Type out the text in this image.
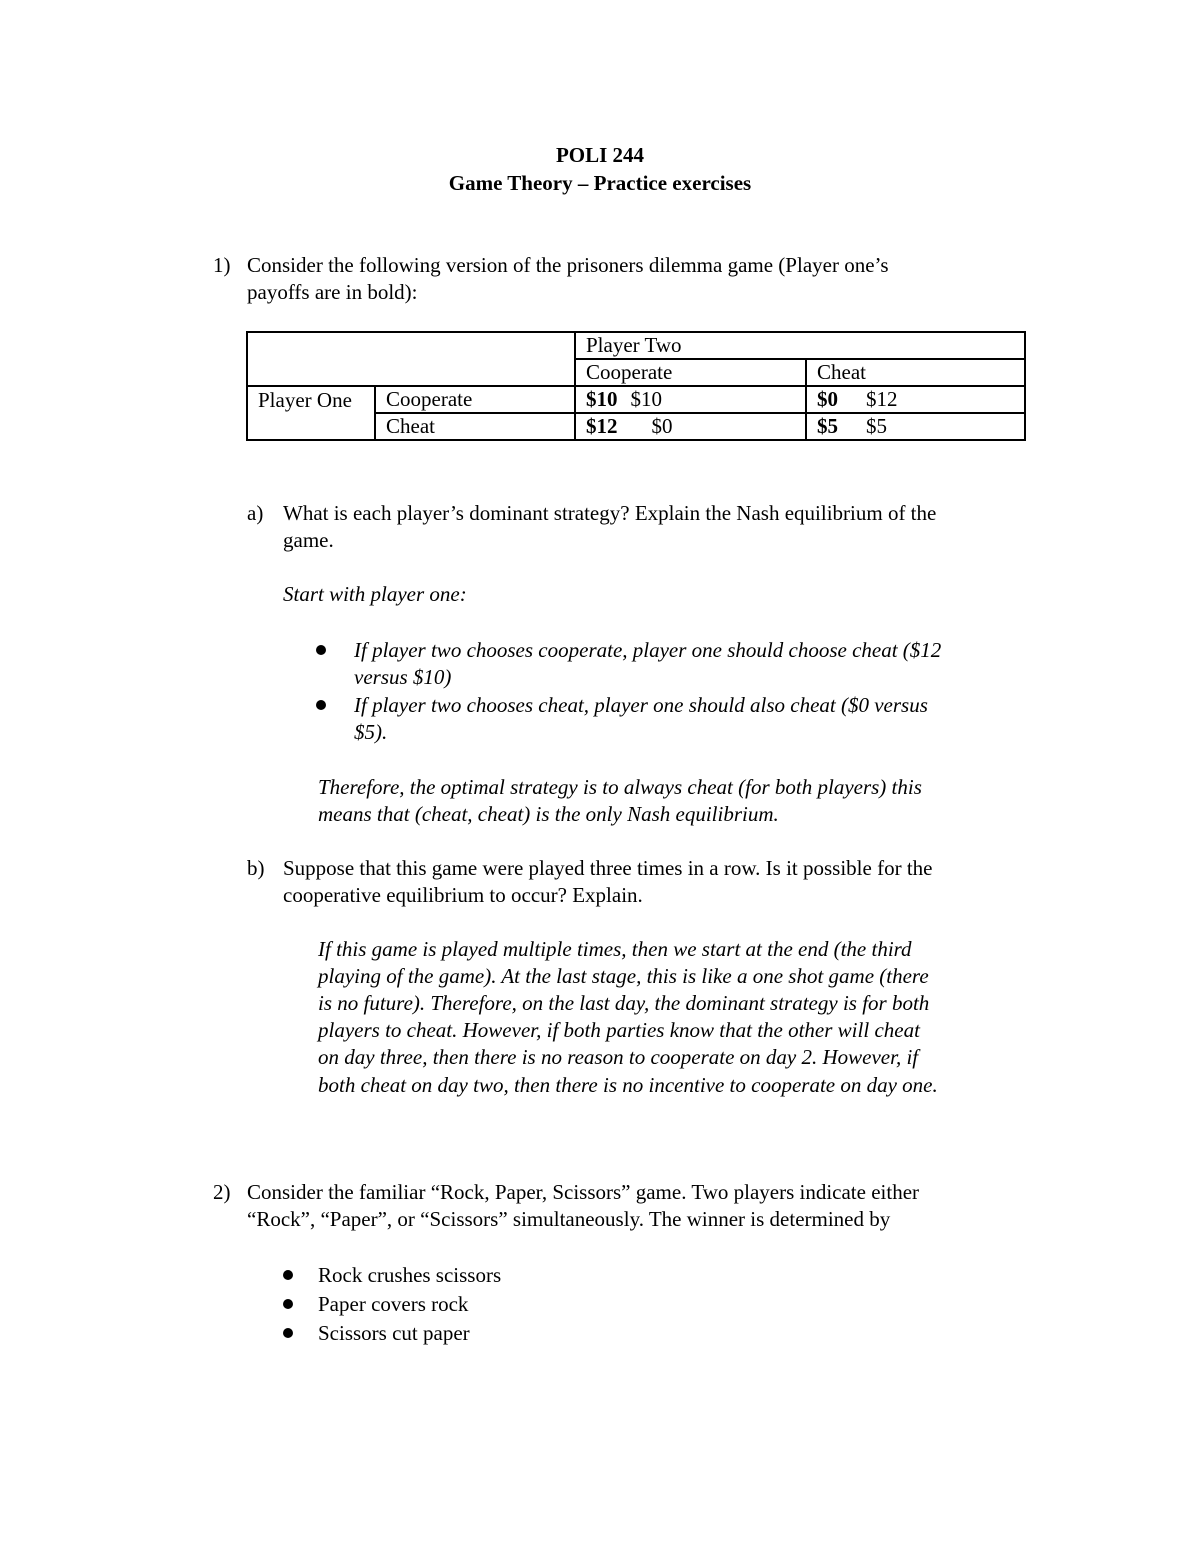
POLI 244
Game Theory – Practice exercises
1) Consider the following version of the prisoners dilemma game (Player one’s
payoffs are in bold):
		Player Two	
		Cooperate	Cheat
Player One	Cooperate	$10 $10	$0 $12
	Cheat	$12 $0	$5 $5
a) What is each player’s dominant strategy? Explain the Nash equilibrium of the
game.
Start with player one:
If player two chooses cooperate, player one should choose cheat ($12
versus $10)
If player two chooses cheat, player one should also cheat ($0 versus
$5).
Therefore, the optimal strategy is to always cheat (for both players) this
means that (cheat, cheat) is the only Nash equilibrium.
b) Suppose that this game were played three times in a row. Is it possible for the
cooperative equilibrium to occur? Explain.
If this game is played multiple times, then we start at the end (the third
playing of the game). At the last stage, this is like a one shot game (there
is no future). Therefore, on the last day, the dominant strategy is for both
players to cheat. However, if both parties know that the other will cheat
on day three, then there is no reason to cooperate on day 2. However, if
both cheat on day two, then there is no incentive to cooperate on day one.
2) Consider the familiar “Rock, Paper, Scissors” game. Two players indicate either
“Rock”, “Paper”, or “Scissors” simultaneously. The winner is determined by
Rock crushes scissors
Paper covers rock
Scissors cut paper
